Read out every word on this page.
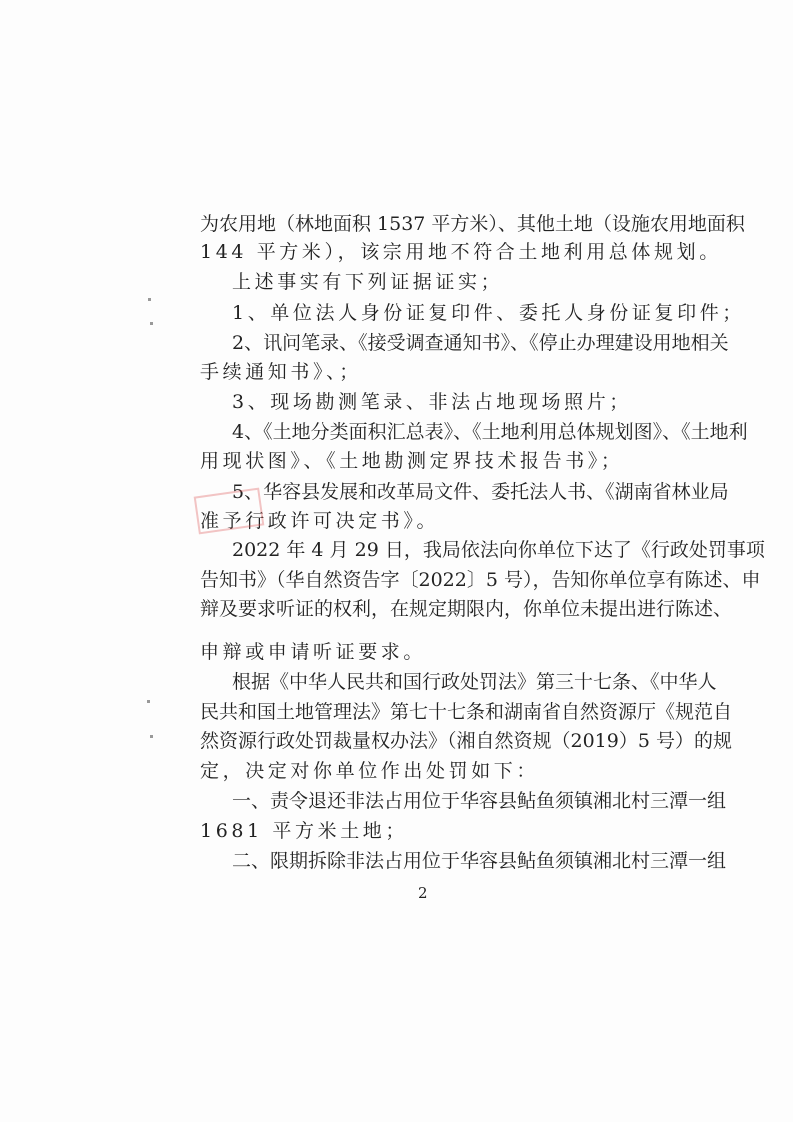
为农用地（林地面积 1537 平方米）、其他土地（设施农用地面积
144 平方米），该宗用地不符合土地利用总体规划。
上述事实有下列证据证实；
1、单位法人身份证复印件、委托人身份证复印件；
2、讯问笔录、《接受调查通知书》、《停止办理建设用地相关
手续通知书》、；
3、现场勘测笔录、非法占地现场照片；
4、《土地分类面积汇总表》、《土地利用总体规划图》、《土地利
用现状图》、《土地勘测定界技术报告书》；
5、华容县发展和改革局文件、委托法人书、《湖南省林业局
准予行政许可决定书》。
2022 年 4 月 29 日，我局依法向你单位下达了《行政处罚事项
告知书》（华自然资告字〔2022〕5 号），告知你单位享有陈述、申
辩及要求听证的权利，在规定期限内，你单位未提出进行陈述、
申辩或申请听证要求。
根据《中华人民共和国行政处罚法》第三十七条、《中华人
民共和国土地管理法》第七十七条和湖南省自然资源厅《规范自
然资源行政处罚裁量权办法》（湘自然资规（2019）5 号）的规
定，决定对你单位作出处罚如下：
一、责令退还非法占用位于华容县鲇鱼须镇湘北村三潭一组
1681 平方米土地；
二、限期拆除非法占用位于华容县鲇鱼须镇湘北村三潭一组
2
